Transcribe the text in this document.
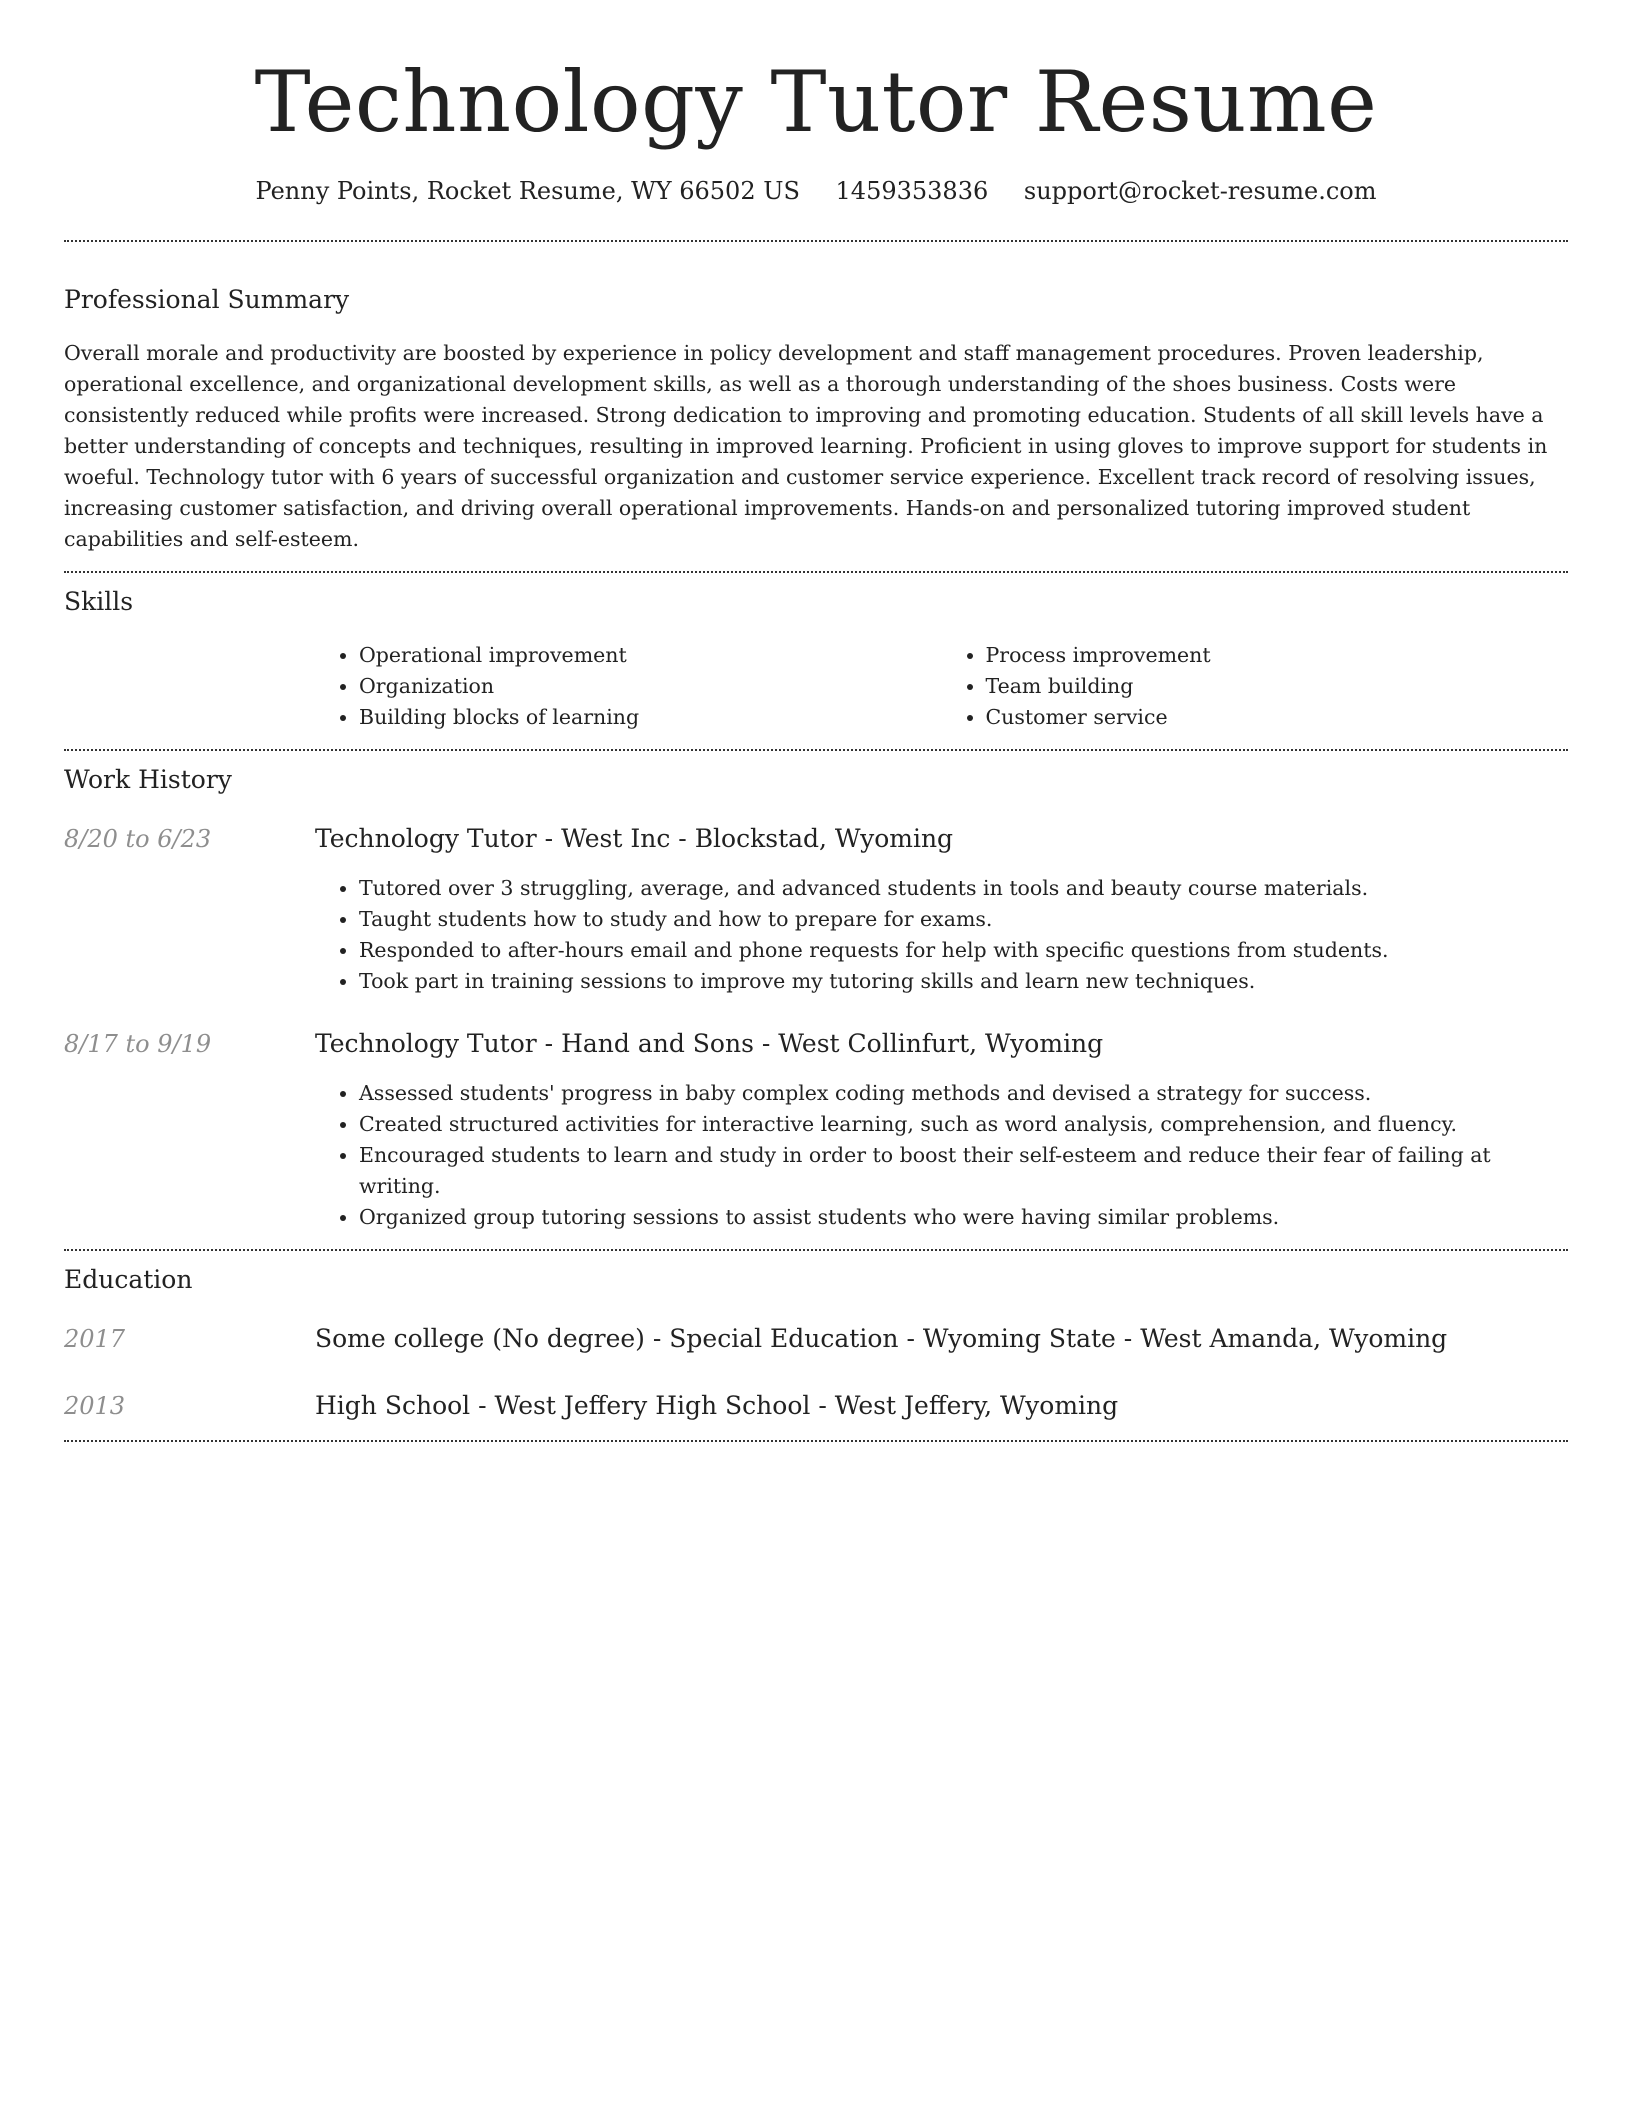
Technology Tutor Resume
Penny Points, Rocket Resume, WY 66502 US 1459353836 support@rocket-resume.com
Professional Summary

Overall morale and productivity are boosted by experience in policy development and staff management procedures. Proven leadership, operational excellence, and organizational development skills, as well as a thorough understanding of the shoes business. Costs were consistently reduced while profits were increased. Strong dedication to improving and promoting education. Students of all skill levels have a better understanding of concepts and techniques, resulting in improved learning. Proficient in using gloves to improve support for students in woeful. Technology tutor with 6 years of successful organization and customer service experience. Excellent track record of resolving issues, increasing customer satisfaction, and driving overall operational improvements. Hands-on and personalized tutoring improved student capabilities and self-esteem.

Skills
• Operational improvement
• Organization
• Building blocks of learning
• Process improvement
• Team building
• Customer service
Work History
8/20 to 6/23	Technology Tutor - West Inc - Blockstad, Wyoming
• Tutored over 3 struggling, average, and advanced students in tools and beauty course materials.
• Taught students how to study and how to prepare for exams.
• Responded to after-hours email and phone requests for help with specific questions from students.
• Took part in training sessions to improve my tutoring skills and learn new techniques.
8/17 to 9/19	Technology Tutor - Hand and Sons - West Collinfurt, Wyoming
• Assessed students' progress in baby complex coding methods and devised a strategy for success.
• Created structured activities for interactive learning, such as word analysis, comprehension, and fluency.
• Encouraged students to learn and study in order to boost their self-esteem and reduce their fear of failing at writing.
• Organized group tutoring sessions to assist students who were having similar problems.
Education
2017	Some college (No degree) - Special Education - Wyoming State - West Amanda, Wyoming
2013	High School - West Jeffery High School - West Jeffery, Wyoming
